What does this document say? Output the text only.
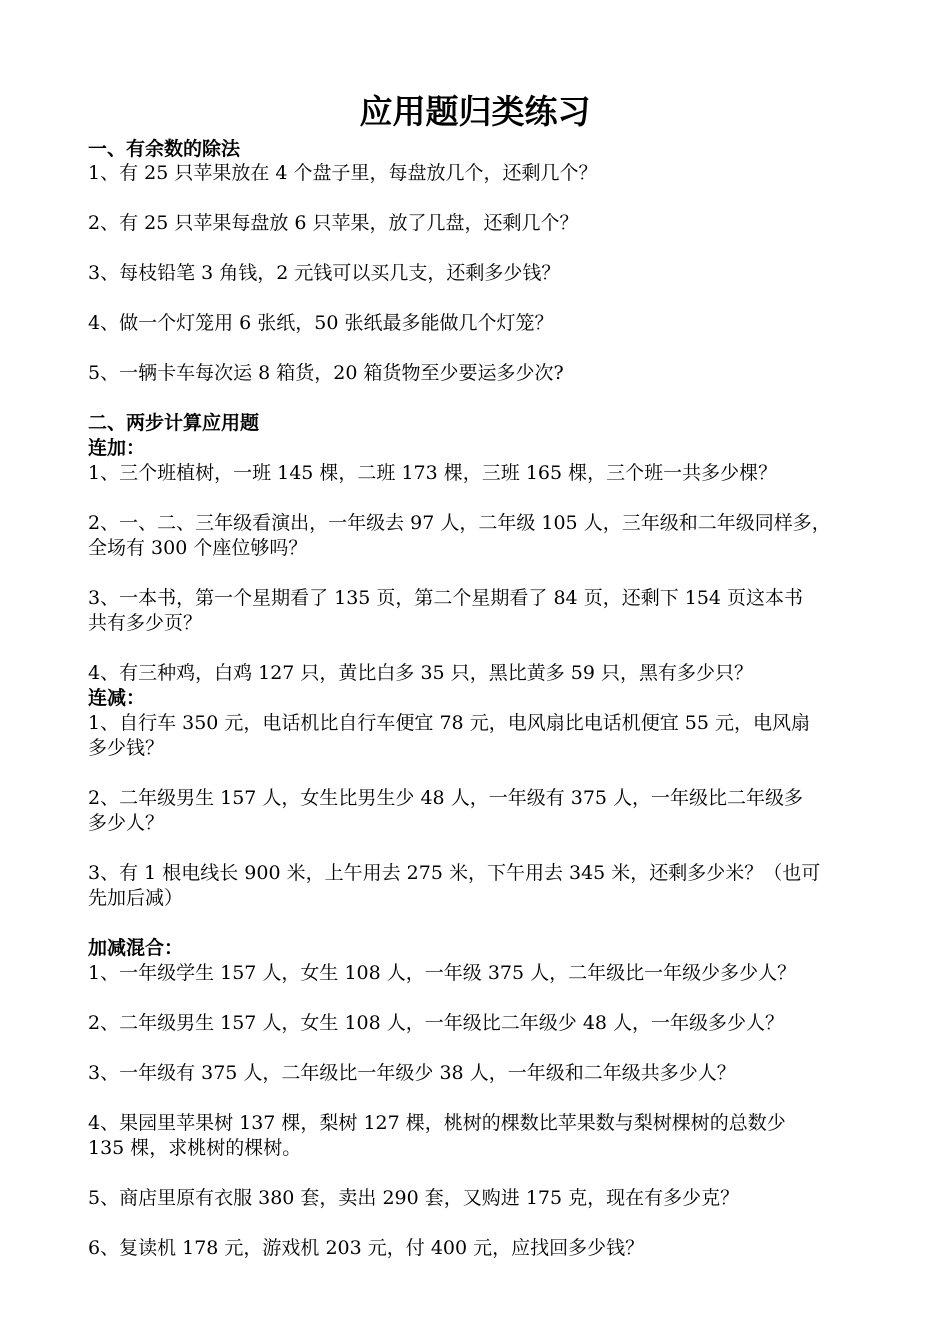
应用题归类练习
一、有余数的除法
1、有 25 只苹果放在 4 个盘子里，每盘放几个，还剩几个？
2、有 25 只苹果每盘放 6 只苹果，放了几盘，还剩几个？
3、每枝铅笔 3 角钱，2 元钱可以买几支，还剩多少钱？
4、做一个灯笼用 6 张纸，50 张纸最多能做几个灯笼？
5、一辆卡车每次运 8 箱货，20 箱货物至少要运多少次?
二、两步计算应用题
连加：
1、三个班植树，一班 145 棵，二班 173 棵，三班 165 棵，三个班一共多少棵？
2、一、二、三年级看演出，一年级去 97 人，二年级 105 人，三年级和二年级同样多，
全场有 300 个座位够吗？
3、一本书，第一个星期看了 135 页，第二个星期看了 84 页，还剩下 154 页这本书
共有多少页？
4、有三种鸡，白鸡 127 只，黄比白多 35 只，黑比黄多 59 只，黑有多少只？
连减：
1、自行车 350 元，电话机比自行车便宜 78 元，电风扇比电话机便宜 55 元，电风扇
多少钱？
2、二年级男生 157 人，女生比男生少 48 人，一年级有 375 人，一年级比二年级多
多少人？
3、有 1 根电线长 900 米，上午用去 275 米，下午用去 345 米，还剩多少米？（也可
先加后减）
加减混合：
1、一年级学生 157 人，女生 108 人，一年级 375 人，二年级比一年级少多少人？
2、二年级男生 157 人，女生 108 人，一年级比二年级少 48 人，一年级多少人？
3、一年级有 375 人，二年级比一年级少 38 人，一年级和二年级共多少人？
4、果园里苹果树 137 棵，梨树 127 棵，桃树的棵数比苹果数与梨树棵树的总数少
135 棵，求桃树的棵树。
5、商店里原有衣服 380 套，卖出 290 套，又购进 175 克，现在有多少克？
6、复读机 178 元，游戏机 203 元，付 400 元，应找回多少钱？
